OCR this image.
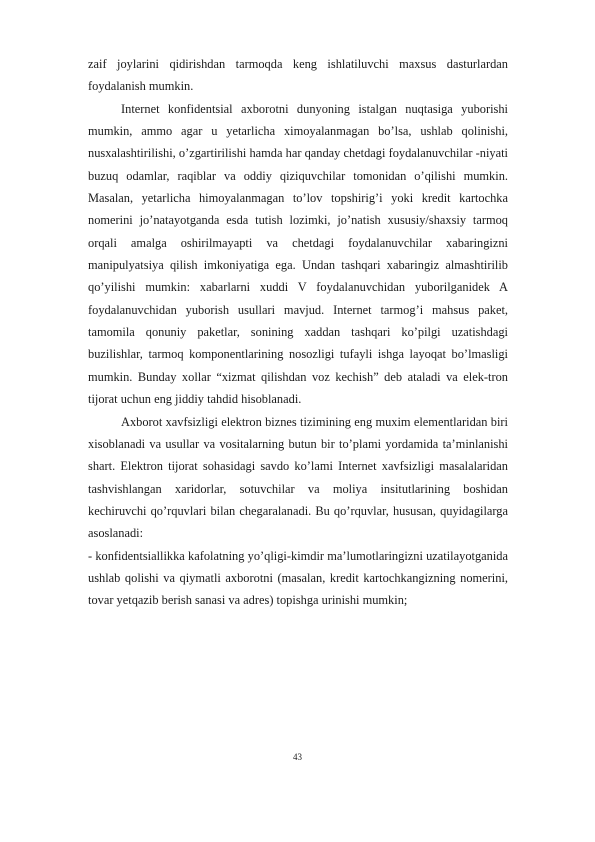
zaif joylarini qidirishdan tarmoqda keng ishlatiluvchi maxsus dasturlardan foydalanish mumkin.

Internet konfidentsial axborotni dunyoning istalgan nuqtasiga yuborishi mumkin, ammo agar u yetarlicha ximoyalanmagan bo’lsa, ushlab qolinishi, nusxalashtirilishi, o’zgartirilishi hamda har qanday chetdagi foydalanuvchilar -niyati buzuq odamlar, raqiblar va oddiy qiziquvchilar tomonidan o’qilishi mumkin. Masalan, yetarlicha himoyalanmagan to’lov topshirig’i yoki kredit kartochka nomerini jo’natayotganda esda tutish lozimki, jo’natish xususiy/shaxsiy tarmoq orqali amalga oshirilmayapti va chetdagi foydalanuvchilar xabaringizni manipulyatsiya qilish imkoniyatiga ega. Undan tashqari xabaringiz almashtirilib qo’yilishi mumkin: xabarlarni xuddi V foydalanuvchidan yuborilganidek A foydalanuvchidan yuborish usullari mavjud. Internet tarmog’i mahsus paket, tamomila qonuniy paketlar, sonining xaddan tashqari ko’pilgi uzatishdagi buzilishlar, tarmoq komponentlarining nosozligi tufayli ishga layoqat bo’lmasligi mumkin. Bunday xollar “xizmat qilishdan voz kechish” deb ataladi va elek-tron tijorat uchun eng jiddiy tahdid hisoblanadi.

Axborot xavfsizligi elektron biznes tizimining eng muxim elementlaridan biri xisoblanadi va usullar va vositalarning butun bir to’plami yordamida ta’minlanishi shart. Elektron tijorat sohasidagi savdo ko’lami Internet xavfsizligi masalalaridan tashvishlangan xaridorlar, sotuvchilar va moliya insitutlarining boshidan kechiruvchi qo’rquvlari bilan chegaralanadi. Bu qo’rquvlar, hususan, quyidagilarga asoslanadi:

- konfidentsiallikka kafolatning yo’qligi-kimdir ma’lumotlaringizni uzatilayotganida ushlab qolishi va qiymatli axborotni (masalan, kredit kartochkangizning nomerini, tovar yetqazib berish sanasi va adres) topishga urinishi mumkin;

43
